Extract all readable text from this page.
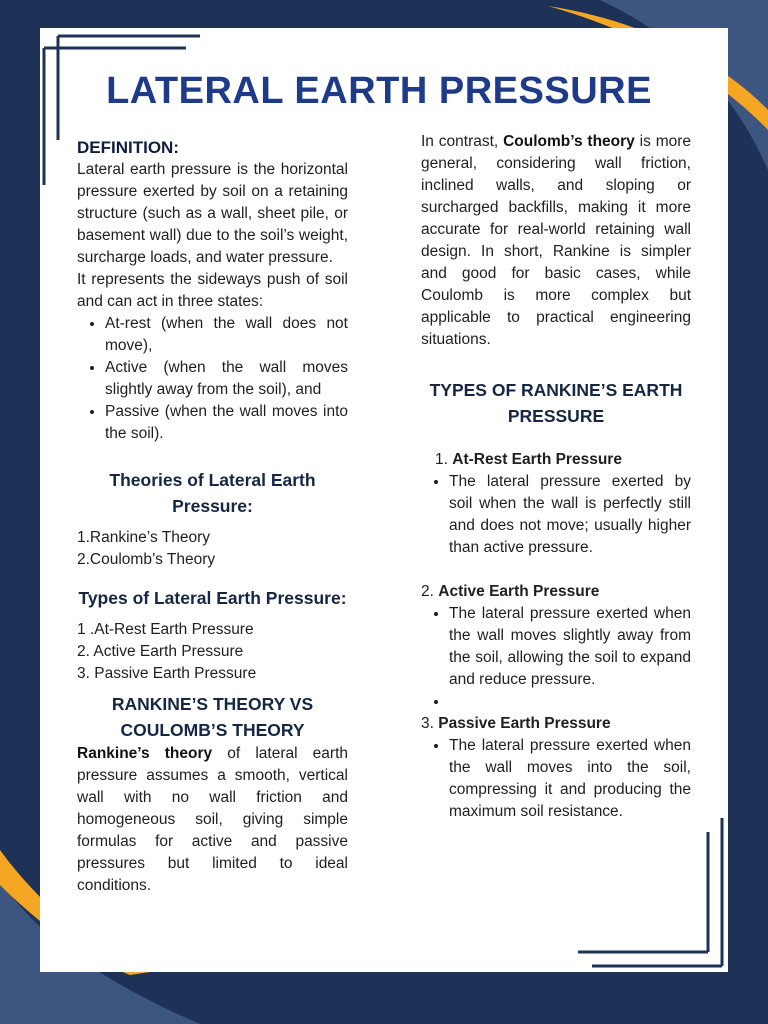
LATERAL EARTH PRESSURE
DEFINITION:

Lateral earth pressure is the horizontal pressure exerted by soil on a retaining structure (such as a wall, sheet pile, or basement wall) due to the soil’s weight, surcharge loads, and water pressure.

It represents the sideways push of soil and can act in three states:

• At-rest (when the wall does not move),
• Active (when the wall moves slightly away from the soil), and
• Passive (when the wall moves into the soil).
Theories of Lateral Earth Pressure:
1.Rankine’s Theory
2.Coulomb’s Theory
Types of Lateral Earth Pressure:
1 .At-Rest Earth Pressure
2. Active Earth Pressure
3. Passive Earth Pressure
RANKINE’S THEORY VS COULOMB’S THEORY

Rankine’s theory of lateral earth pressure assumes a smooth, vertical wall with no wall friction and homogeneous soil, giving simple formulas for active and passive pressures but limited to ideal conditions.

In contrast, Coulomb’s theory is more general, considering wall friction, inclined walls, and sloping or surcharged backfills, making it more accurate for real-world retaining wall design. In short, Rankine is simpler and good for basic cases, while Coulomb is more complex but applicable to practical engineering situations.

TYPES OF RANKINE’S EARTH PRESSURE
1. At-Rest Earth Pressure
• The lateral pressure exerted by soil when the wall is perfectly still and does not move; usually higher than active pressure.
2. Active Earth Pressure
• The lateral pressure exerted when the wall moves slightly away from the soil, allowing the soil to expand and reduce pressure.
•
3. Passive Earth Pressure
• The lateral pressure exerted when the wall moves into the soil, compressing it and producing the maximum soil resistance.
